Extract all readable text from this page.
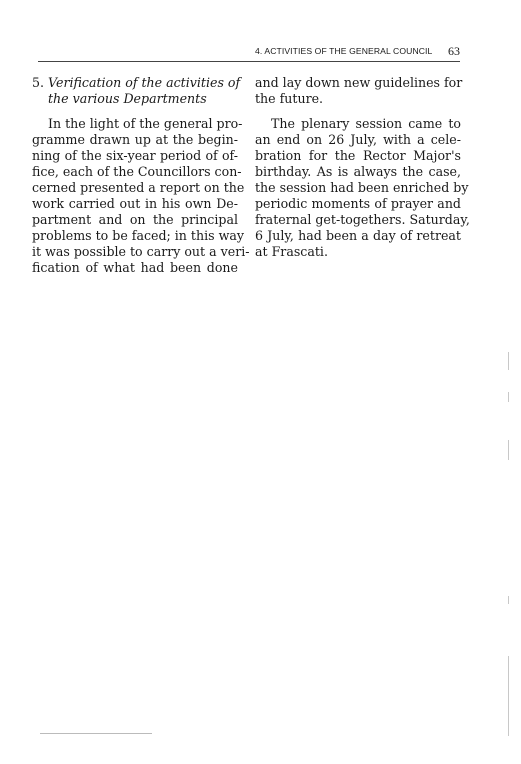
4. ACTIVITIES OF THE GENERAL COUNCIL 63
5. Verification of the activities of
the various Departments
In the light of the general pro-
gramme drawn up at the begin-
ning of the six-year period of of-
fice, each of the Councillors con-
cerned presented a report on the
work carried out in his own De-
partment and on the principal
problems to be faced; in this way
it was possible to carry out a veri-
fication of what had been done
and lay down new guidelines for
the future.
The plenary session came to
an end on 26 July, with a cele-
bration for the Rector Major's
birthday. As is always the case,
the session had been enriched by
periodic moments of prayer and
fraternal get-togethers. Saturday,
6 July, had been a day of retreat
at Frascati.
